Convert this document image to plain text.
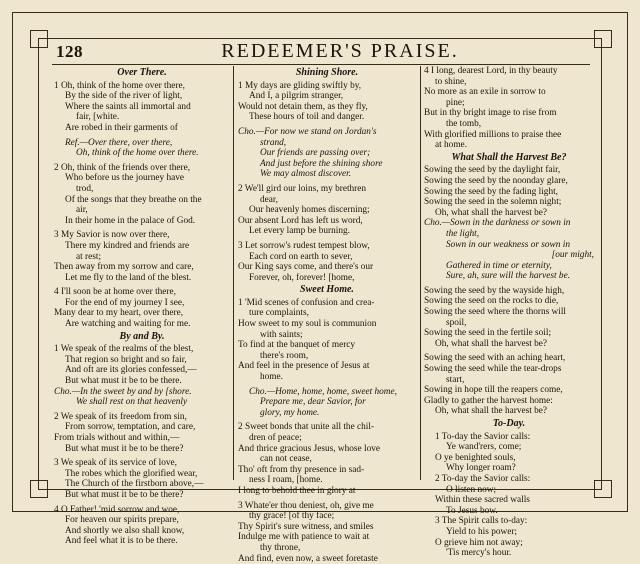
128	REDEEMER'S PRAISE.
Over There.
1 Oh, think of the home over there,
By the side of the river of light,
Where the saints all immortal and
fair, [white.
Are robed in their garments of
Ref.—Over there, over there,
Oh, think of the home over there.
2 Oh, think of the friends over there,
Who before us the journey have
trod,
Of the songs that they breathe on the
air,
In their home in the palace of God.
3 My Savior is now over there,
There my kindred and friends are
at rest;
Then away from my sorrow and care,
Let me fly to the land of the blest.
4 I'll soon be at home over there,
For the end of my journey I see,
Many dear to my heart, over there,
Are watching and waiting for me.
By and By.
1 We speak of the realms of the blest,
That region so bright and so fair,
And oft are its glories confessed,—
But what must it be to be there.
Cho.—In the sweet by and by [shore.
We shall rest on that heavenly
2 We speak of its freedom from sin,
From sorrow, temptation, and care,
From trials without and within,—
But what must it be to be there?
3 We speak of its service of love,
The robes which the glorified wear,
The Church of the firstborn above,—
But what must it be to be there?
4 O Father! 'mid sorrow and woe,
For heaven our spirits prepare,
And shortly we also shall know,
And feel what it is to be there.
Shining Shore.
1 My days are gliding swiftly by,
And I, a pilgrim stranger,
Would not detain them, as they fly,
These hours of toil and danger.
Cho.—For now we stand on Jordan's
strand,
Our friends are passing over;
And just before the shining shore
We may almost discover.
2 We'll gird our loins, my brethren
dear,
Our heavenly homes discerning;
Our absent Lord has left us word,
Let every lamp be burning.
3 Let sorrow's rudest tempest blow,
Each cord on earth to sever,
Our King says come, and there's our
Forever, oh, forever! [home,
Sweet Home.
1 'Mid scenes of confusion and crea-
ture complaints,
How sweet to my soul is communion
with saints;
To find at the banquet of mercy
there's room,
And feel in the presence of Jesus at
home.
Cho.—Home, home, home, sweet home,
Prepare me, dear Savior, for
glory, my home.
2 Sweet bonds that unite all the chil-
dren of peace;
And thrice gracious Jesus, whose love
can not cease,
Tho' oft from thy presence in sad-
ness I roam, [home.
I long to behold thee in glory at
3 Whate'er thou deniest, oh, give me
thy grace! [of thy face;
Thy Spirit's sure witness, and smiles
Indulge me with patience to wait at
thy throne,
And find, even now, a sweet foretaste
4 I long, dearest Lord, in thy beauty
to shine,
No more as an exile in sorrow to
pine;
But in thy bright image to rise from
the tomb,
With glorified millions to praise thee
at home.
What Shall the Harvest Be?
Sowing the seed by the daylight fair,
Sowing the seed by the noonday glare,
Sowing the seed by the fading light,
Sowing the seed in the solemn night;
Oh, what shall the harvest be?
Cho.—Sown in the darkness or sown in
the light,
Sown in our weakness or sown in
[our might,
Gathered in time or eternity,
Sure, ah, sure will the harvest be.
Sowing the seed by the wayside high,
Sowing the seed on the rocks to die,
Sowing the seed where the thorns will
spoil,
Sowing the seed in the fertile soil;
Oh, what shall the harvest be?
Sowing the seed with an aching heart,
Sowing the seed while the tear-drops
start,
Sowing in hope till the reapers come,
Gladly to gather the harvest home:
Oh, what shall the harvest be?
To-Day.
1 To-day the Savior calls:
Ye wand'rers, come;
O ye benighted souls,
Why longer roam?
2 To-day the Savior calls:
O listen now;
Within these sacred walls
To Jesus bow.
3 The Spirit calls to-day:
Yield to his power;
O grieve him not away;
'Tis mercy's hour.
